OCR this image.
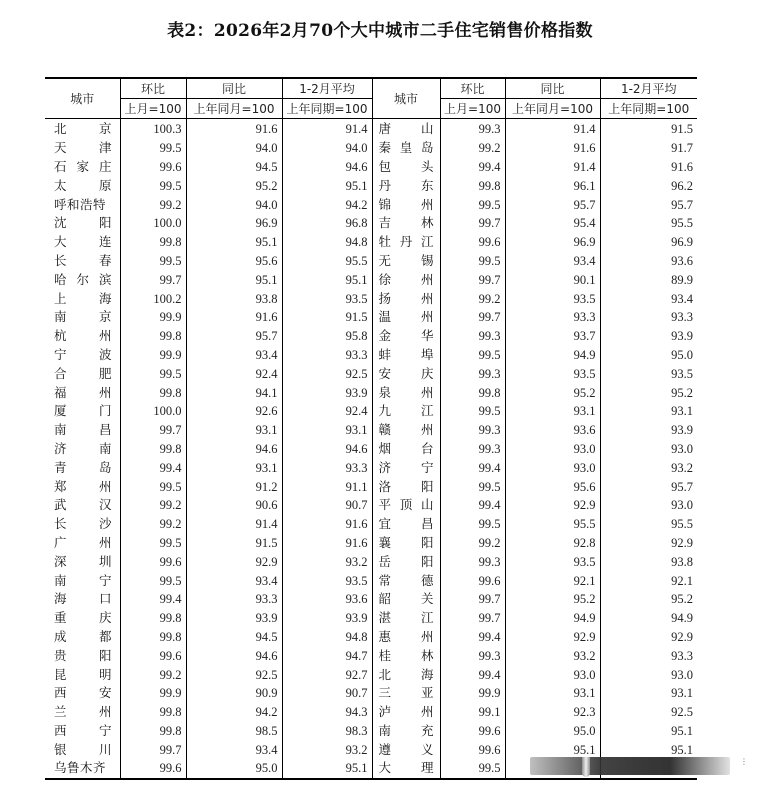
表2：2026年2月70个大中城市二手住宅销售价格指数
城市	环比	同比	1-2月平均	城市	环比	同比	1-2月平均
	上月=100	上年同月=100	上年同期=100		上月=100	上年同月=100	上年同期=100
北京	100.3	91.6	91.4	唐山	99.3	91.4	91.5
天津	99.5	94.0	94.0	秦皇岛	99.2	91.6	91.7
石家庄	99.6	94.5	94.6	包头	99.4	91.4	91.6
太原	99.5	95.2	95.1	丹东	99.8	96.1	96.2
呼和浩特	99.2	94.0	94.2	锦州	99.5	95.7	95.7
沈阳	100.0	96.9	96.8	吉林	99.7	95.4	95.5
大连	99.8	95.1	94.8	牡丹江	99.6	96.9	96.9
长春	99.5	95.6	95.5	无锡	99.5	93.4	93.6
哈尔滨	99.7	95.1	95.1	徐州	99.7	90.1	89.9
上海	100.2	93.8	93.5	扬州	99.2	93.5	93.4
南京	99.9	91.6	91.5	温州	99.7	93.3	93.3
杭州	99.8	95.7	95.8	金华	99.3	93.7	93.9
宁波	99.9	93.4	93.3	蚌埠	99.5	94.9	95.0
合肥	99.5	92.4	92.5	安庆	99.3	93.5	93.5
福州	99.8	94.1	93.9	泉州	99.8	95.2	95.2
厦门	100.0	92.6	92.4	九江	99.5	93.1	93.1
南昌	99.7	93.1	93.1	赣州	99.3	93.6	93.9
济南	99.8	94.6	94.6	烟台	99.3	93.0	93.0
青岛	99.4	93.1	93.3	济宁	99.4	93.0	93.2
郑州	99.5	91.2	91.1	洛阳	99.5	95.6	95.7
武汉	99.2	90.6	90.7	平顶山	99.4	92.9	93.0
长沙	99.2	91.4	91.6	宜昌	99.5	95.5	95.5
广州	99.5	91.5	91.6	襄阳	99.2	92.8	92.9
深圳	99.6	92.9	93.2	岳阳	99.3	93.5	93.8
南宁	99.5	93.4	93.5	常德	99.6	92.1	92.1
海口	99.4	93.3	93.6	韶关	99.7	95.2	95.2
重庆	99.8	93.9	93.9	湛江	99.7	94.9	94.9
成都	99.8	94.5	94.8	惠州	99.4	92.9	92.9
贵阳	99.6	94.6	94.7	桂林	99.3	93.2	93.3
昆明	99.2	92.5	92.7	北海	99.4	93.0	93.0
西安	99.9	90.9	90.7	三亚	99.9	93.1	93.1
兰州	99.8	94.2	94.3	泸州	99.1	92.3	92.5
西宁	99.8	98.5	98.3	南充	99.6	95.0	95.1
银川	99.7	93.4	93.2	遵义	99.6	95.1	95.1
乌鲁木齐	99.6	95.0	95.1	大理	99.5			⋮
